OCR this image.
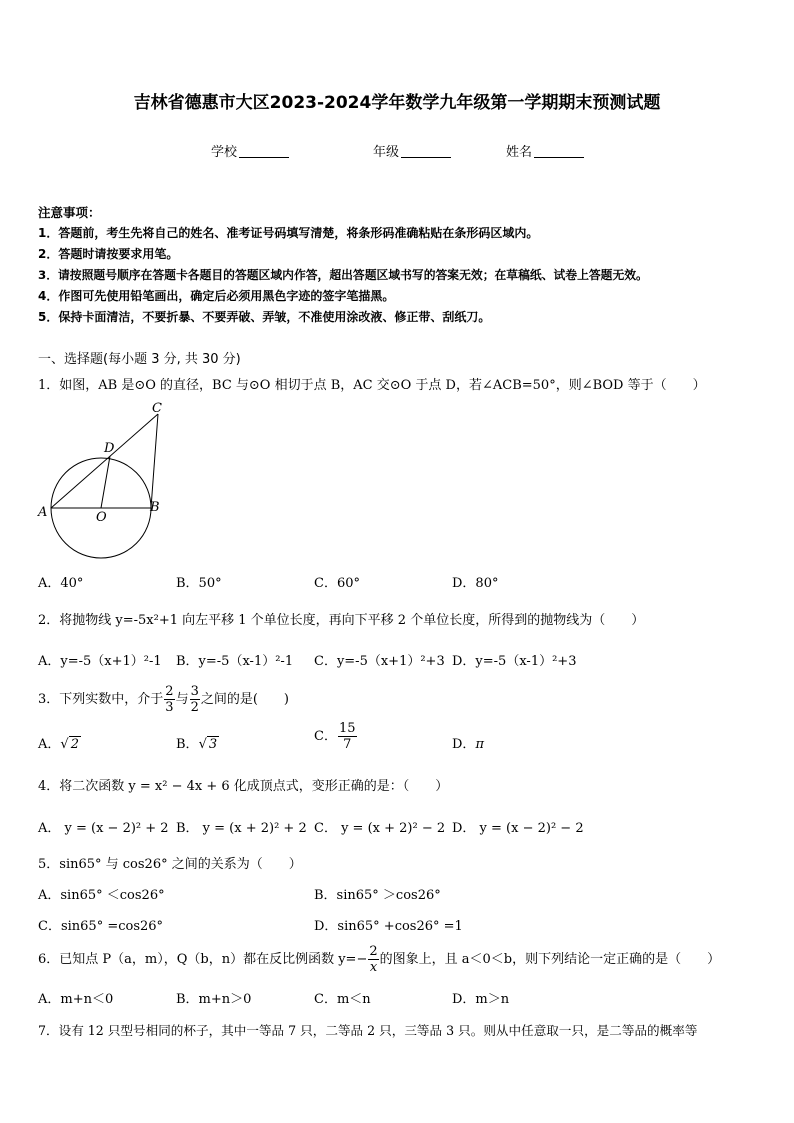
吉林省德惠市大区2023-2024学年数学九年级第一学期期末预测试题
学校	年级	姓名
注意事项：
1．答题前，考生先将自己的姓名、准考证号码填写清楚，将条形码准确粘贴在条形码区域内。
2．答题时请按要求用笔。
3．请按照题号顺序在答题卡各题目的答题区域内作答，超出答题区域书写的答案无效；在草稿纸、试卷上答题无效。
4．作图可先使用铅笔画出，确定后必须用黑色字迹的签字笔描黑。
5．保持卡面清洁，不要折暴、不要弄破、弄皱，不准使用涂改液、修正带、刮纸刀。
一、选择题(每小题 3 分, 共 30 分)
1．如图，AB 是⊙O 的直径，BC 与⊙O 相切于点 B，AC 交⊙O 于点 D，若∠ACB=50°，则∠BOD 等于（　　）
A	B
C
D
O
A．40°	B．50°	C．60°	D．80°
2．将抛物线 y=-5x²+1 向左平移 1 个单位长度，再向下平移 2 个单位长度，所得到的抛物线为（　　）
A．y=-5（x+1）²-1 B．y=-5（x-1）²-1 C．y=-5（x+1）²+3 D．y=-5（x-1）²+3
3．下列实数中，介于 $\frac{2}{3}$ 与 $\frac{3}{2}$ 之间的是(　　)
A．√ 2	B．√ 3
C． $\frac{15}{7}$	D．π
4．将二次函数 y = x² − 4x + 6 化成顶点式，变形正确的是：（　　）
A． y = (x − 2)² + 2 B． y = (x + 2)² + 2 C． y = (x + 2)² − 2 D． y = (x − 2)² − 2
5．sin65° 与 cos26° 之间的关系为（　　）
A．sin65° ＜cos26°	B．sin65° ＞cos26°
C．sin65° =cos26°	D．sin65° +cos26° =1
6．已知点 P（a，m），Q（b，n）都在反比例函数 $y=- \frac{2}{x}$ 的图象上，且 a＜0＜b，则下列结论一定正确的是（　　）
A．m+n＜0	B．m+n＞0	C．m＜n	D．m＞n
7．设有 12 只型号相同的杯子，其中一等品 7 只，二等品 2 只，三等品 3 只。则从中任意取一只，是二等品的概率等
